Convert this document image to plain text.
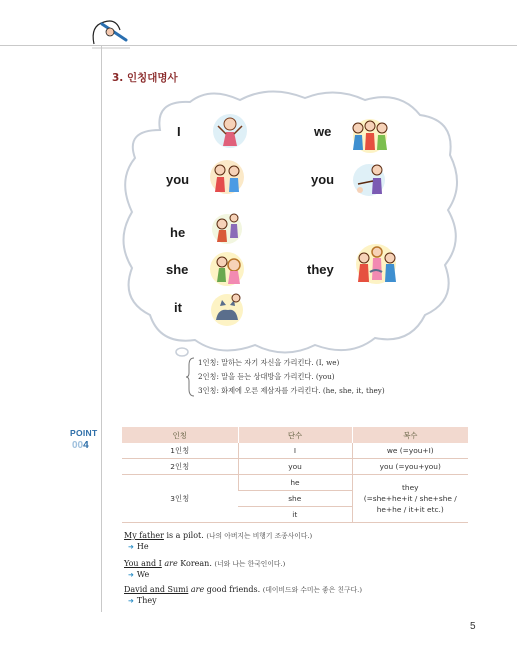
3. 인칭대명사
I
you
he
she
it
we
you
they
1인칭: 말하는 자기 자신을 가리킨다. (I, we)
2인칭: 말을 듣는 상대방을 가리킨다. (you)
3인칭: 화제에 오른 제삼자를 가리킨다. (he, she, it, they)
POINT
004
인칭	단수	복수
1인칭	I	we (=you+I)
2인칭	you	you (=you+you)
3인칭	he	they
(=she+he+it / she+she /
he+he / it+it etc.)

	she	
	it	
My father is a pilot. (나의 아버지는 비행기 조종사이다.)
➜ He
You and I are Korean. (너와 나는 한국인이다.)
➜ We
David and Sumi are good friends. (데이비드와 수미는 좋은 친구다.)
➜ They
5
